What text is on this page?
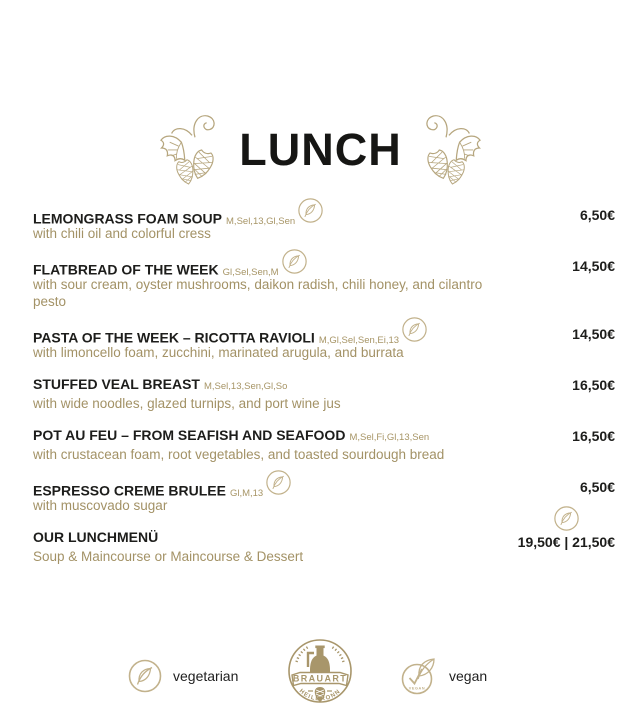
LUNCH
LEMONGRASS FOAM SOUP M,Sel,13,Gl,Sen
with chili oil and colorful cress
6,50€
FLATBREAD OF THE WEEK Gl,Sel,Sen,M
with sour cream, oyster mushrooms, daikon radish, chili honey, and cilantro pesto
14,50€
PASTA OF THE WEEK – RICOTTA RAVIOLI M,Gl,Sel,Sen,Ei,13
with limoncello foam, zucchini, marinated arugula, and burrata
14,50€
STUFFED VEAL BREAST M,Sel,13,Sen,Gl,So
with wide noodles, glazed turnips, and port wine jus
16,50€
POT AU FEU – FROM SEAFISH AND SEAFOOD M,Sel,Fi,Gl,13,Sen
with crustacean foam, root vegetables, and toasted sourdough bread
16,50€
ESPRESSO CREME BRULEE Gl,M,13
with muscovado sugar
6,50€
OUR LUNCHMENÜ
Soup & Maincourse or Maincourse & Dessert
19,50€ | 21,50€
vegetarian	BRAUART
HEILBRONN	VEGAN
vegan
